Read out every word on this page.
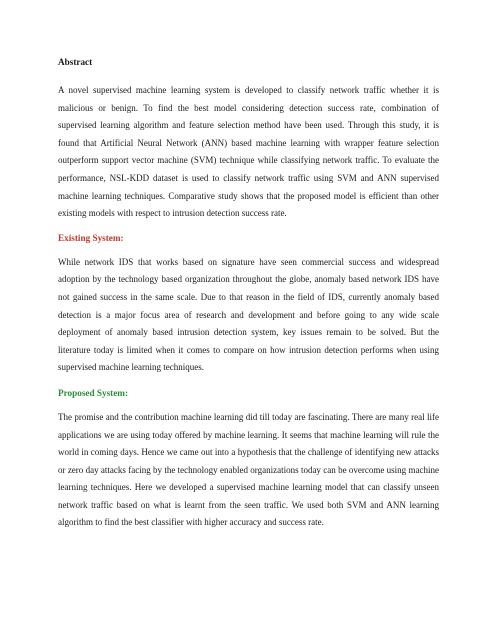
Abstract

A novel supervised machine learning system is developed to classify network traffic whether it is malicious or benign. To find the best model considering detection success rate, combination of supervised learning algorithm and feature selection method have been used. Through this study, it is found that Artificial Neural Network (ANN) based machine learning with wrapper feature selection outperform support vector machine (SVM) technique while classifying network traffic. To evaluate the performance, NSL-KDD dataset is used to classify network traffic using SVM and ANN supervised machine learning techniques. Comparative study shows that the proposed model is efficient than other existing models with respect to intrusion detection success rate.

Existing System:

While network IDS that works based on signature have seen commercial success and widespread adoption by the technology based organization throughout the globe, anomaly based network IDS have not gained success in the same scale. Due to that reason in the field of IDS, currently anomaly based detection is a major focus area of research and development and before going to any wide scale deployment of anomaly based intrusion detection system, key issues remain to be solved. But the literature today is limited when it comes to compare on how intrusion detection performs when using supervised machine learning techniques.

Proposed System:

The promise and the contribution machine learning did till today are fascinating. There are many real life applications we are using today offered by machine learning. It seems that machine learning will rule the world in coming days. Hence we came out into a hypothesis that the challenge of identifying new attacks or zero day attacks facing by the technology enabled organizations today can be overcome using machine learning techniques. Here we developed a supervised machine learning model that can classify unseen network traffic based on what is learnt from the seen traffic. We used both SVM and ANN learning algorithm to find the best classifier with higher accuracy and success rate.
